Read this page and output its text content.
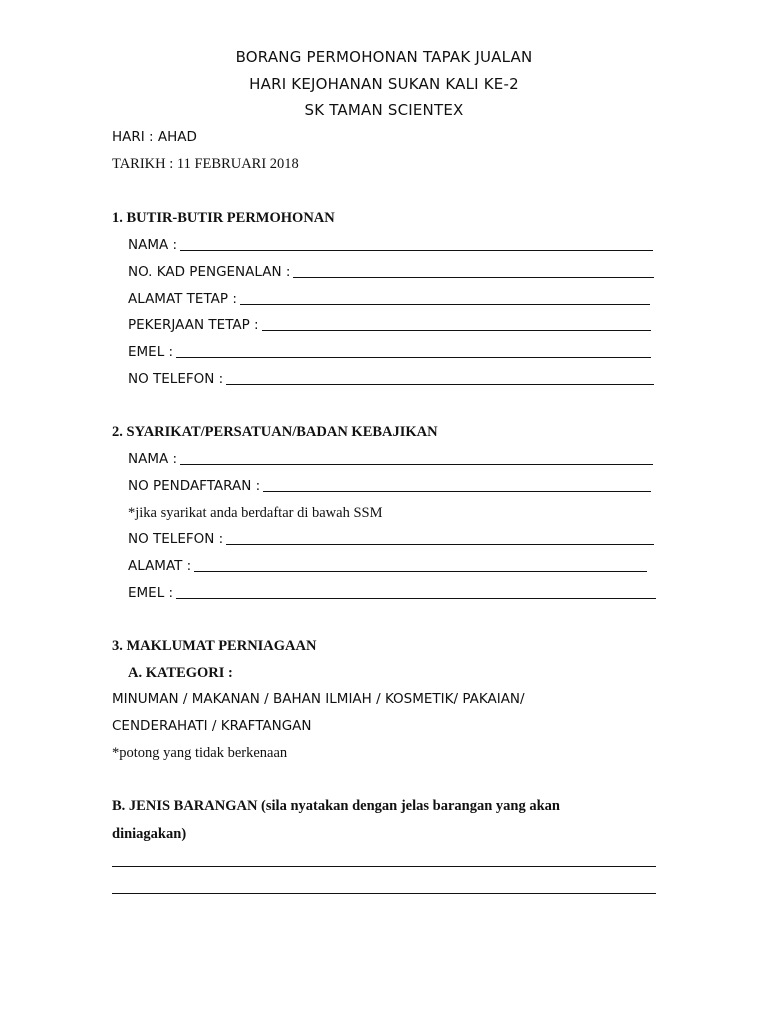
BORANG PERMOHONAN TAPAK JUALAN
HARI KEJOHANAN SUKAN KALI KE-2
SK TAMAN SCIENTEX
HARI : AHAD
TARIKH : 11 FEBRUARI 2018
1. BUTIR-BUTIR PERMOHONAN
NAMA :
NO. KAD PENGENALAN :
ALAMAT TETAP :
PEKERJAAN TETAP :
EMEL :
NO TELEFON :
2. SYARIKAT/PERSATUAN/BADAN KEBAJIKAN
NAMA :
NO PENDAFTARAN :
*jika syarikat anda berdaftar di bawah SSM
NO TELEFON :
ALAMAT :
EMEL :
3. MAKLUMAT PERNIAGAAN
A. KATEGORI :
MINUMAN / MAKANAN / BAHAN ILMIAH / KOSMETIK/ PAKAIAN/
CENDERAHATI / KRAFTANGAN
*potong yang tidak berkenaan
B. JENIS BARANGAN (sila nyatakan dengan jelas barangan yang akan
diniagakan)
